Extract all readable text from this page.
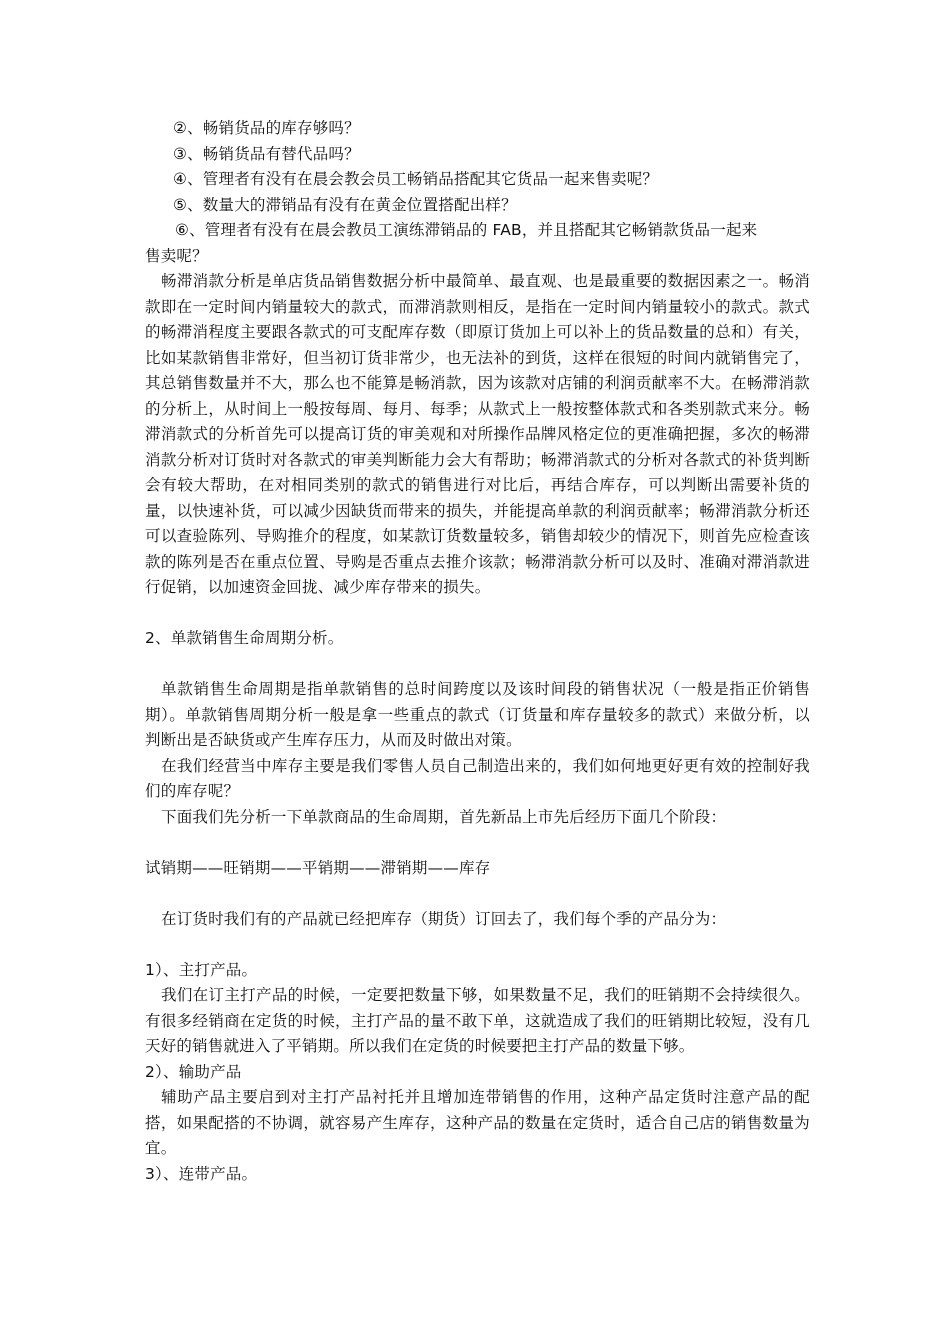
②、畅销货品的库存够吗？
③、畅销货品有替代品吗？
④、管理者有没有在晨会教会员工畅销品搭配其它货品一起来售卖呢？
⑤、数量大的滞销品有没有在黄金位置搭配出样？
⑥、管理者有没有在晨会教员工演练滞销品的 FAB，并且搭配其它畅销款货品一起来
售卖呢？

畅滞消款分析是单店货品销售数据分析中最简单、最直观、也是最重要的数据因素之一。畅消款即在一定时间内销量较大的款式，而滞消款则相反，是指在一定时间内销量较小的款式。款式的畅滞消程度主要跟各款式的可支配库存数（即原订货加上可以补上的货品数量的总和）有关，比如某款销售非常好，但当初订货非常少，也无法补的到货，这样在很短的时间内就销售完了，其总销售数量并不大，那么也不能算是畅消款，因为该款对店铺的利润贡献率不大。在畅滞消款的分析上，从时间上一般按每周、每月、每季；从款式上一般按整体款式和各类别款式来分。畅滞消款式的分析首先可以提高订货的审美观和对所操作品牌风格定位的更准确把握，多次的畅滞消款分析对订货时对各款式的审美判断能力会大有帮助；畅滞消款式的分析对各款式的补货判断会有较大帮助，在对相同类别的款式的销售进行对比后，再结合库存，可以判断出需要补货的量，以快速补货，可以减少因缺货而带来的损失，并能提高单款的利润贡献率；畅滞消款分析还可以查验陈列、导购推介的程度，如某款订货数量较多，销售却较少的情况下，则首先应检查该款的陈列是否在重点位置、导购是否重点去推介该款；畅滞消款分析可以及时、准确对滞消款进行促销，以加速资金回拢、减少库存带来的损失。

2、单款销售生命周期分析。

单款销售生命周期是指单款销售的总时间跨度以及该时间段的销售状况（一般是指正价销售期）。单款销售周期分析一般是拿一些重点的款式（订货量和库存量较多的款式）来做分析，以判断出是否缺货或产生库存压力，从而及时做出对策。

在我们经营当中库存主要是我们零售人员自己制造出来的，我们如何地更好更有效的控制好我们的库存呢？

下面我们先分析一下单款商品的生命周期，首先新品上市先后经历下面几个阶段：

试销期——旺销期——平销期——滞销期——库存

在订货时我们有的产品就已经把库存（期货）订回去了，我们每个季的产品分为：

1）、主打产品。

我们在订主打产品的时候，一定要把数量下够，如果数量不足，我们的旺销期不会持续很久。有很多经销商在定货的时候，主打产品的量不敢下单，这就造成了我们的旺销期比较短，没有几天好的销售就进入了平销期。所以我们在定货的时候要把主打产品的数量下够。

2）、输助产品

辅助产品主要启到对主打产品衬托并且增加连带销售的作用，这种产品定货时注意产品的配搭，如果配搭的不协调，就容易产生库存，这种产品的数量在定货时，适合自己店的销售数量为宜。

3）、连带产品。
